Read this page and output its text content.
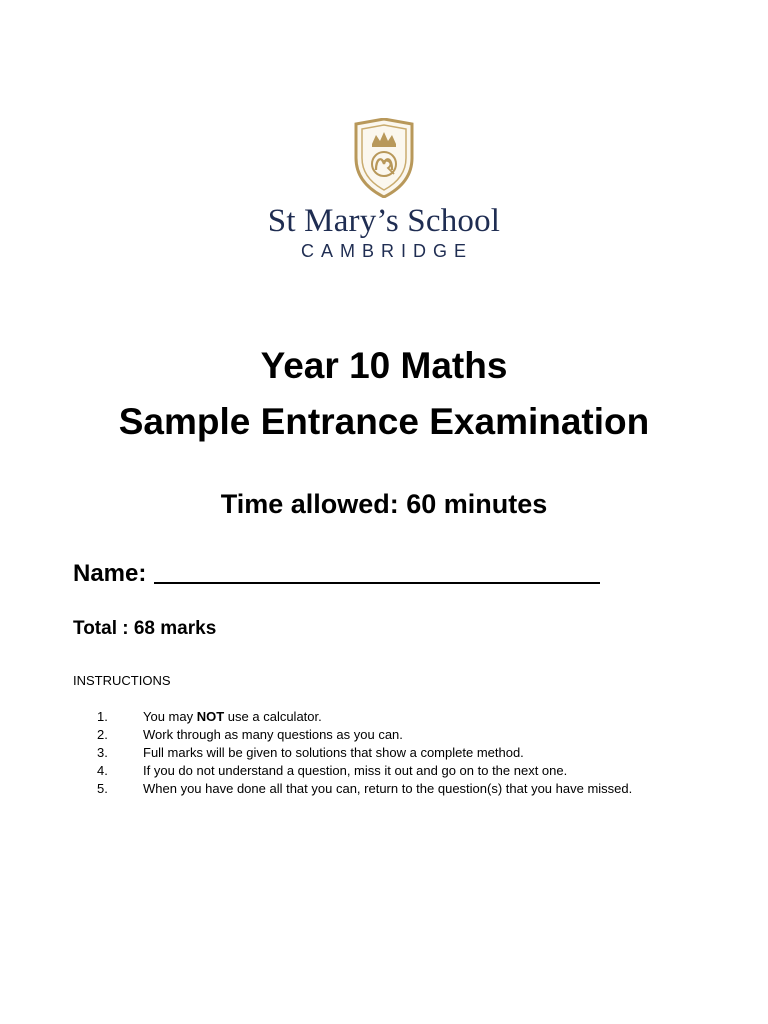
St Mary’s School
CAMBRIDGE
Year 10 Maths
Sample Entrance Examination
Time allowed: 60 minutes
Name:
Total : 68 marks
INSTRUCTIONS
1.	You may NOT use a calculator.
2.	Work through as many questions as you can.
3.	Full marks will be given to solutions that show a complete method.
4.	If you do not understand a question, miss it out and go on to the next one.
5.	When you have done all that you can, return to the question(s) that you have missed.
